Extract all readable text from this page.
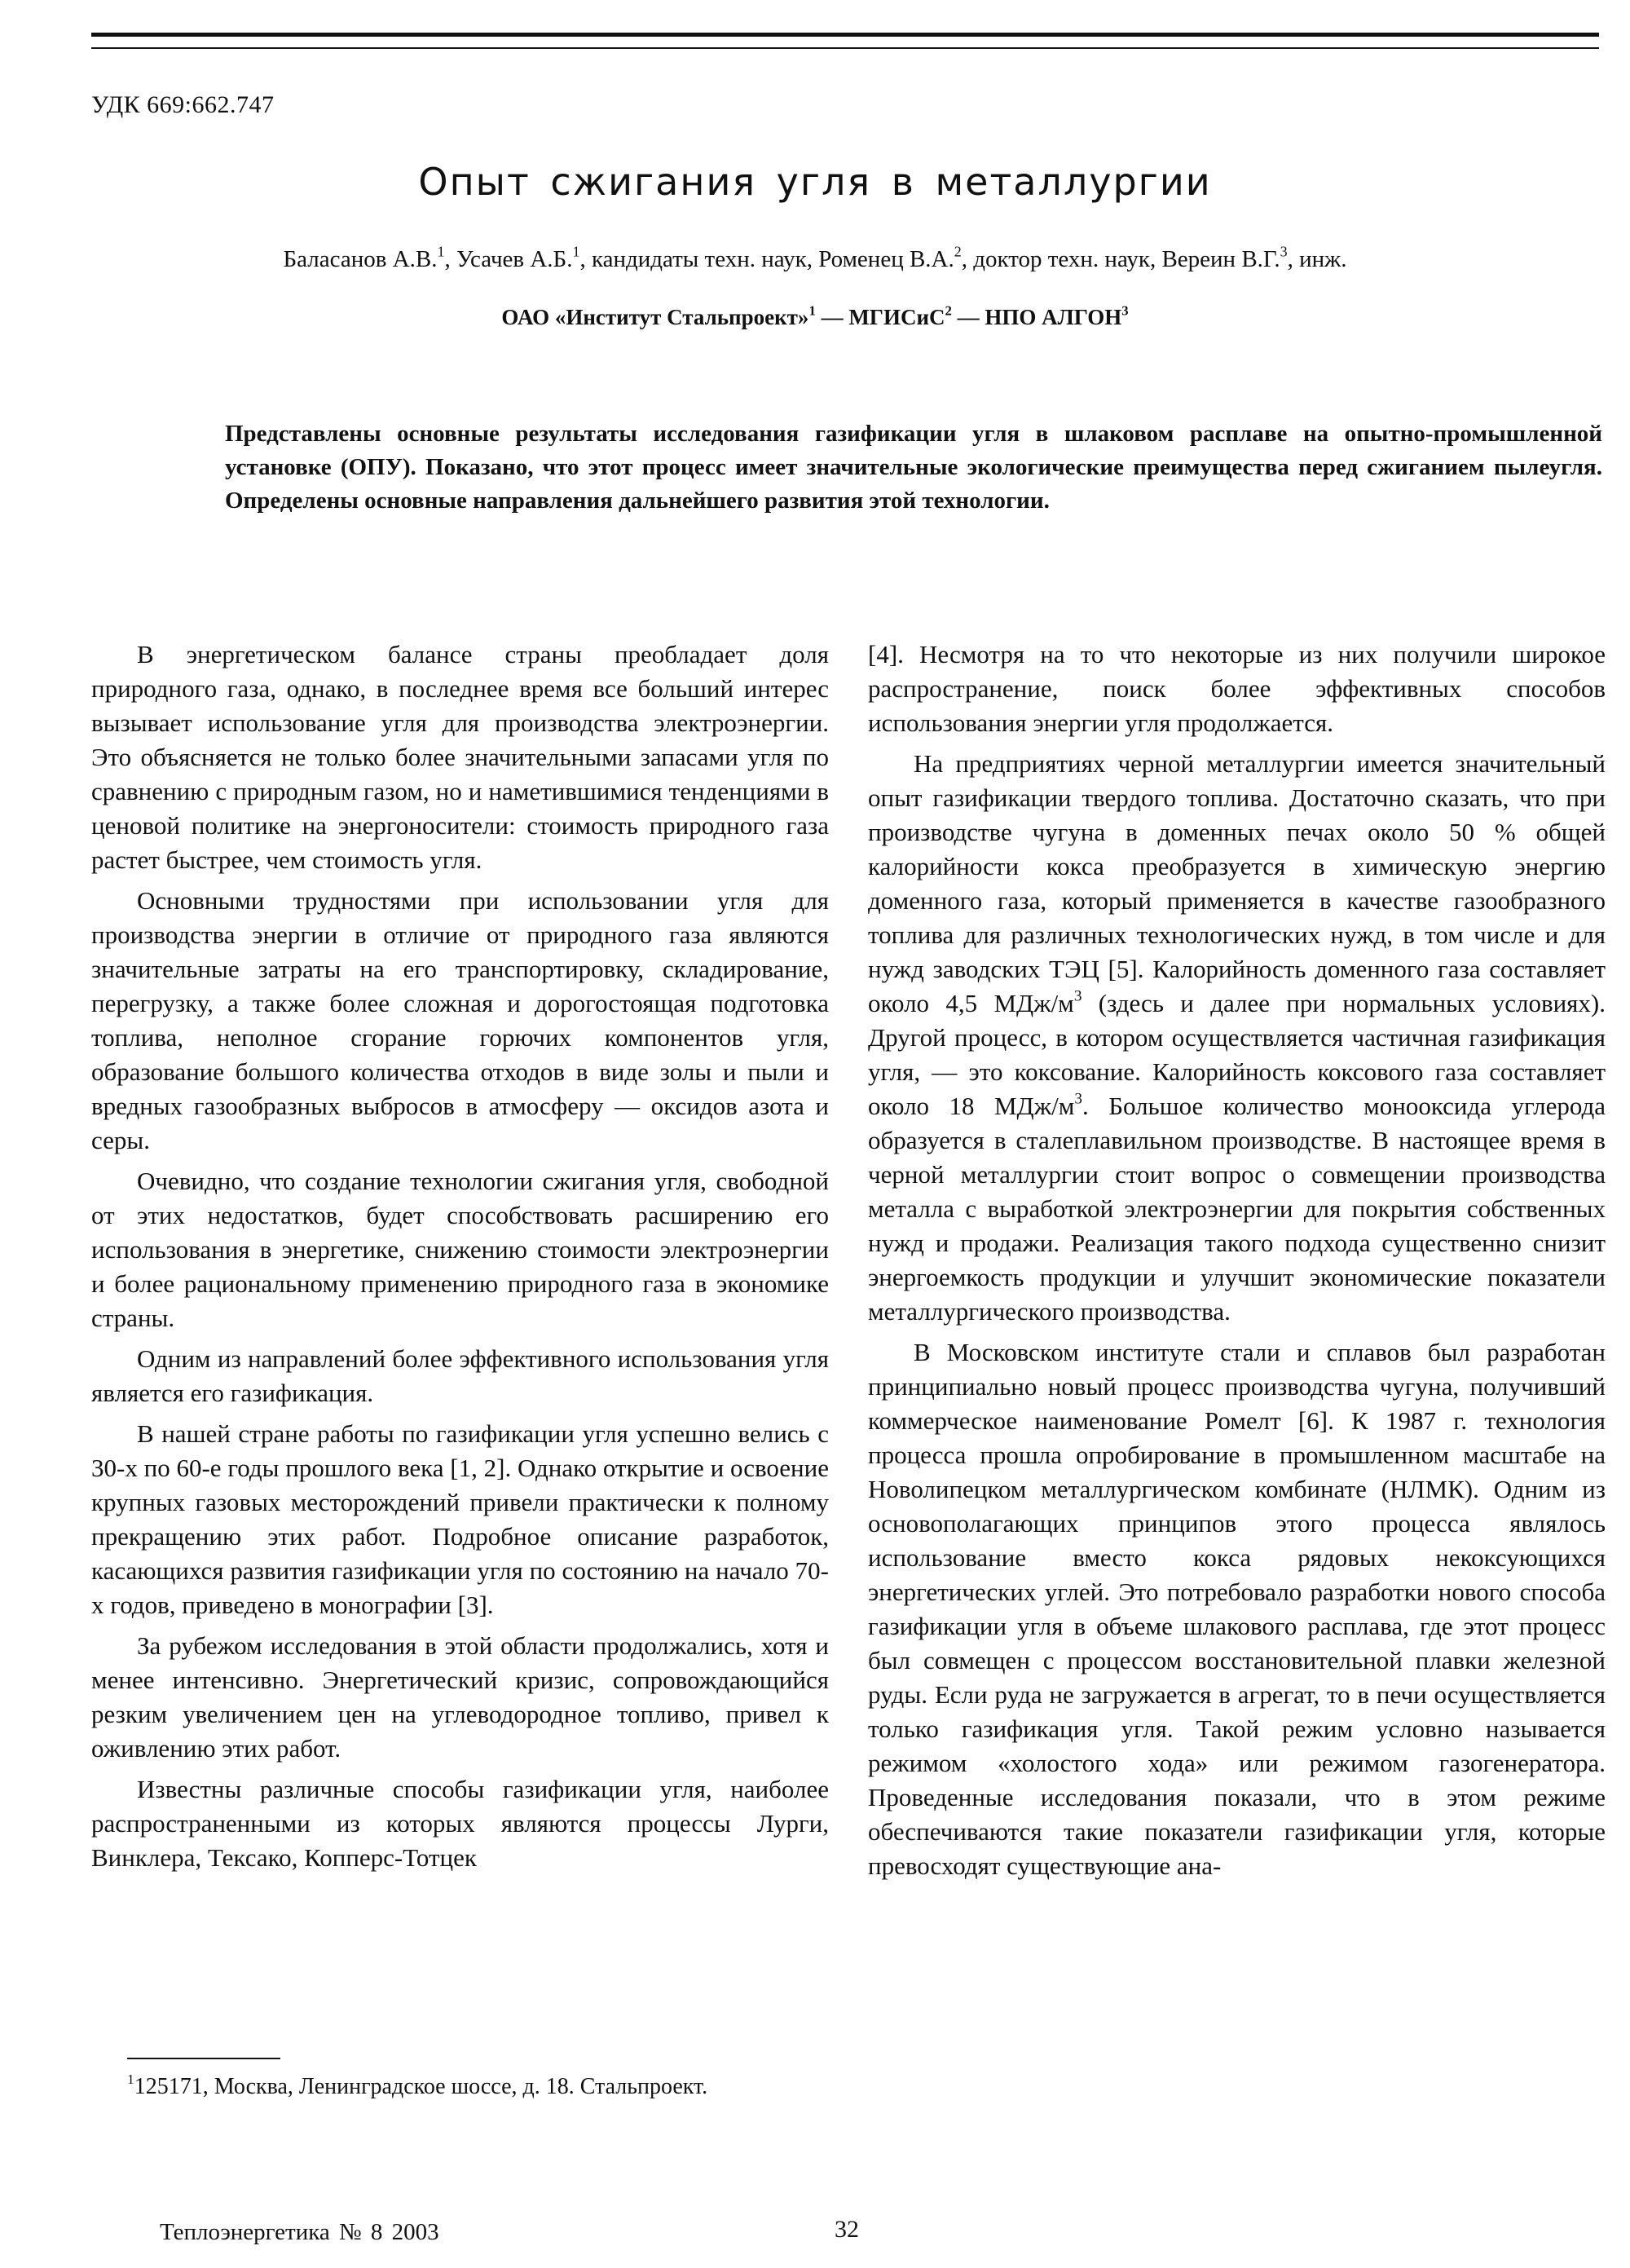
УДК 669:662.747
Опыт сжигания угля в металлургии
Баласанов А.В.$^1$, Усачев А.Б.$^1$, кандидаты техн. наук, Роменец В.А.$^2$, доктор техн. наук, Вереин В.Г.$^3$, инж.
ОАО «Институт Стальпроект»$^1$ — МГИСиС$^2$ — НПО АЛГОН$^3$
Представлены основные результаты исследования газификации угля в шлаковом расплаве на опытно-промышленной установке (ОПУ). Показано, что этот процесс имеет значительные экологические преимущества перед сжиганием пылеугля. Определены основные направления дальнейшего развития этой технологии.

В энергетическом балансе страны преобладает доля природного газа, однако, в последнее время все больший интерес вызывает использование угля для производства электроэнергии. Это объясняется не только более значительными запасами угля по сравнению с природным газом, но и наметившимися тенденциями в ценовой политике на энергоносители: стоимость природного газа растет быстрее, чем стоимость угля.

Основными трудностями при использовании угля для производства энергии в отличие от природного газа являются значительные затраты на его транспортировку, складирование, перегрузку, а также более сложная и дорогостоящая подготовка топлива, неполное сгорание горючих компонентов угля, образование большого количества отходов в виде золы и пыли и вредных газообразных выбросов в атмосферу — оксидов азота и серы.

Очевидно, что создание технологии сжигания угля, свободной от этих недостатков, будет способствовать расширению его использования в энергетике, снижению стоимости электроэнергии и более рациональному применению природного газа в экономике страны.

Одним из направлений более эффективного использования угля является его газификация.

В нашей стране работы по газификации угля успешно велись с 30-х по 60-е годы прошлого века [1, 2]. Однако открытие и освоение крупных газовых месторождений привели практически к полному прекращению этих работ. Подробное описание разработок, касающихся развития газификации угля по состоянию на начало 70-х годов, приведено в монографии [3].

За рубежом исследования в этой области продолжались, хотя и менее интенсивно. Энергетический кризис, сопровождающийся резким увеличением цен на углеводородное топливо, привел к оживлению этих работ.

Известны различные способы газификации угля, наиболее распространенными из которых являются процессы Лурги, Винклера, Тексако, Копперс-Тотцек

[4]. Несмотря на то что некоторые из них получили широкое распространение, поиск более эффективных способов использования энергии угля продолжается.

На предприятиях черной металлургии имеется значительный опыт газификации твердого топлива. Достаточно сказать, что при производстве чугуна в доменных печах около 50 % общей калорийности кокса преобразуется в химическую энергию доменного газа, который применяется в качестве газообразного топлива для различных технологических нужд, в том числе и для нужд заводских ТЭЦ [5]. Калорийность доменного газа составляет около 4,5 МДж/$м^3$ (здесь и далее при нормальных условиях). Другой процесс, в котором осуществляется частичная газификация угля, — это коксование. Калорийность коксового газа составляет около 18 МДж/$м^3$. Большое количество монооксида углерода образуется в сталеплавильном производстве. В настоящее время в черной металлургии стоит вопрос о совмещении производства металла с выработкой электроэнергии для покрытия собственных нужд и продажи. Реализация такого подхода существенно снизит энергоемкость продукции и улучшит экономические показатели металлургического производства.

В Московском институте стали и сплавов был разработан принципиально новый процесс производства чугуна, получивший коммерческое наименование Ромелт [6]. К 1987 г. технология процесса прошла опробирование в промышленном масштабе на Новолипецком металлургическом комбинате (НЛМК). Одним из основополагающих принципов этого процесса являлось использование вместо кокса рядовых некоксующихся энергетических углей. Это потребовало разработки нового способа газификации угля в объеме шлакового расплава, где этот процесс был совмещен с процессом восстановительной плавки железной руды. Если руда не загружается в агрегат, то в печи осуществляется только газификация угля. Такой режим условно называется режимом «холостого хода» или режимом газогенератора. Проведенные исследования показали, что в этом режиме обеспечиваются такие показатели газификации угля, которые превосходят существующие ана-

$^1$125171, Москва, Ленинградское шоссе, д. 18. Стальпроект.
Теплоэнергетика № 8 2003	32
